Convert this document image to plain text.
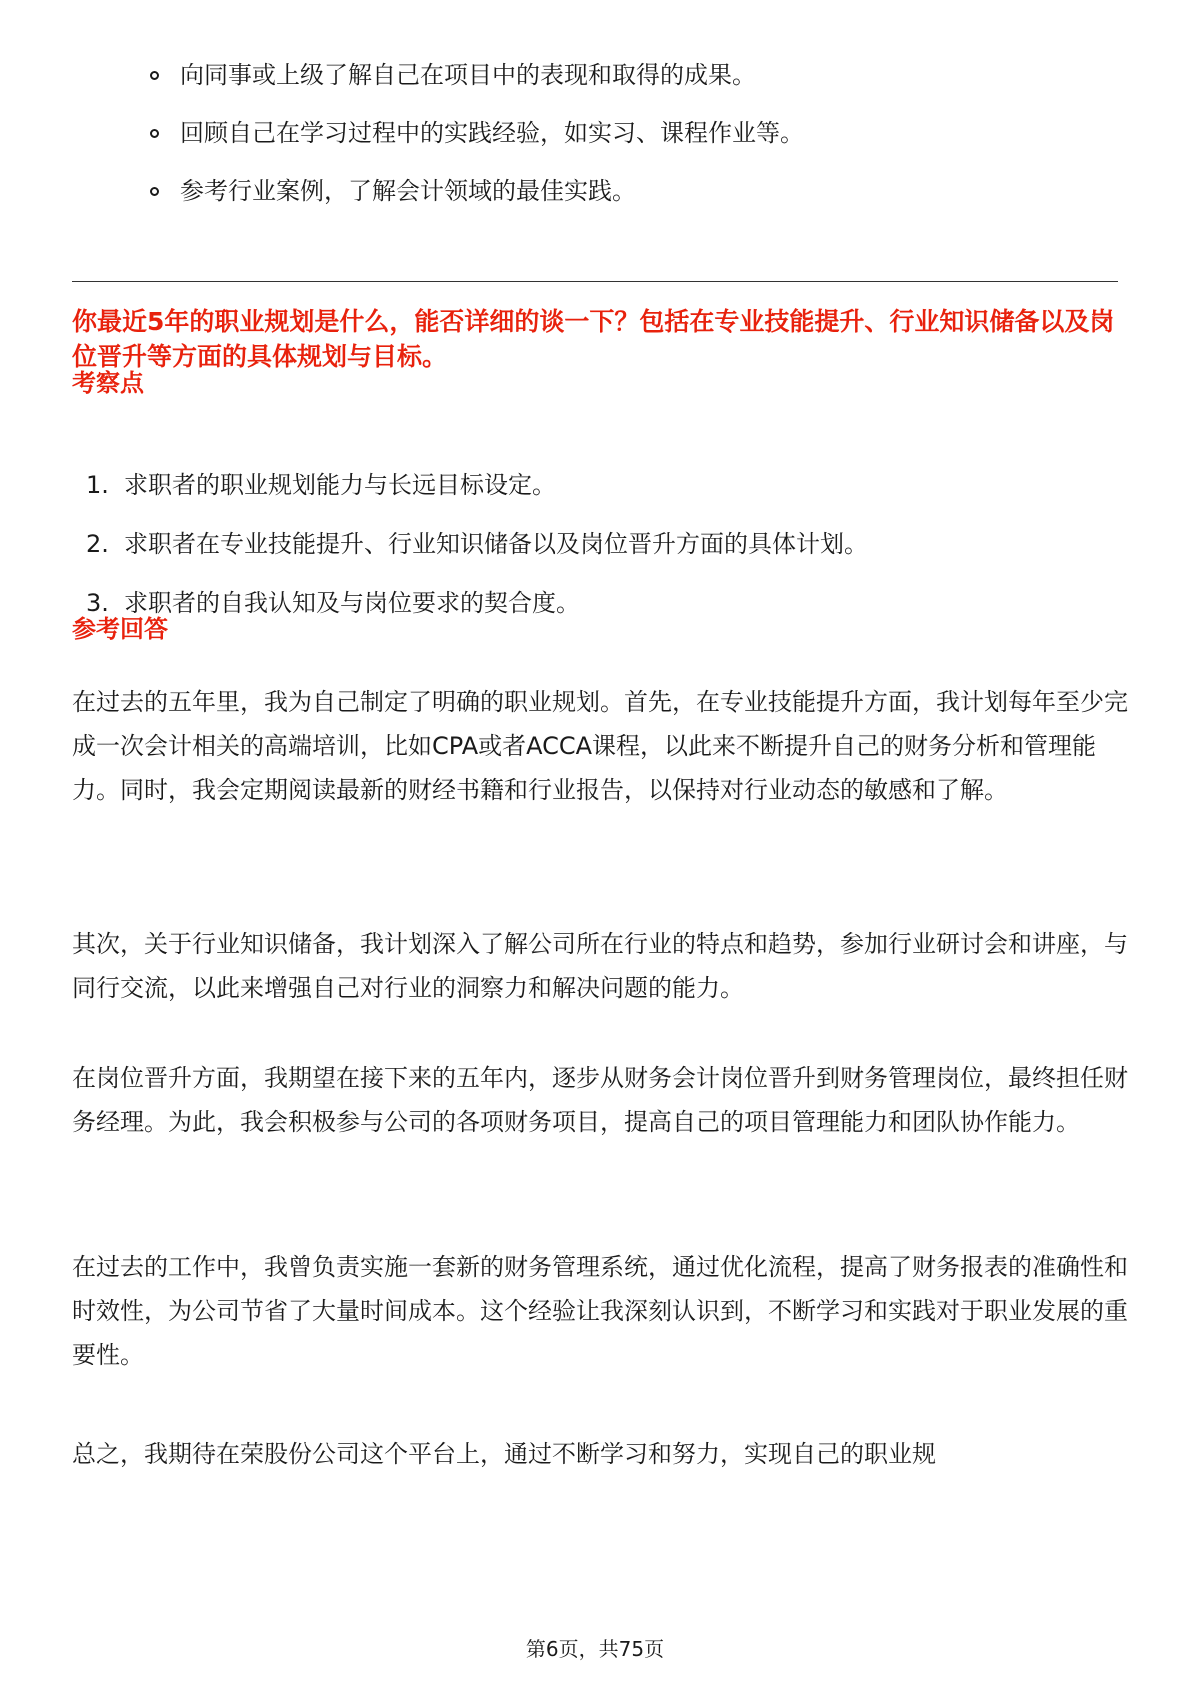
向同事或上级了解自己在项目中的表现和取得的成果。
回顾自己在学习过程中的实践经验，如实习、课程作业等。
参考行业案例，了解会计领域的最佳实践。

你最近5年的职业规划是什么，能否详细的谈一下？包括在专业技能提升、行业知识储备以及岗位晋升等方面的具体规划与目标。

考察点

1. 求职者的职业规划能力与长远目标设定。
2. 求职者在专业技能提升、行业知识储备以及岗位晋升方面的具体计划。
3. 求职者的自我认知及与岗位要求的契合度。

参考回答

在过去的五年里，我为自己制定了明确的职业规划。首先，在专业技能提升方面，我计划每年至少完成一次会计相关的高端培训，比如CPA或者ACCA课程，以此来不断提升自己的财务分析和管理能力。同时，我会定期阅读最新的财经书籍和行业报告，以保持对行业动态的敏感和了解。

其次，关于行业知识储备，我计划深入了解公司所在行业的特点和趋势，参加行业研讨会和讲座，与同行交流，以此来增强自己对行业的洞察力和解决问题的能力。

在岗位晋升方面，我期望在接下来的五年内，逐步从财务会计岗位晋升到财务管理岗位，最终担任财务经理。为此，我会积极参与公司的各项财务项目，提高自己的项目管理能力和团队协作能力。

在过去的工作中，我曾负责实施一套新的财务管理系统，通过优化流程，提高了财务报表的准确性和时效性，为公司节省了大量时间成本。这个经验让我深刻认识到，不断学习和实践对于职业发展的重要性。

总之，我期待在荣股份公司这个平台上，通过不断学习和努力，实现自己的职业规

第6页，共75页
